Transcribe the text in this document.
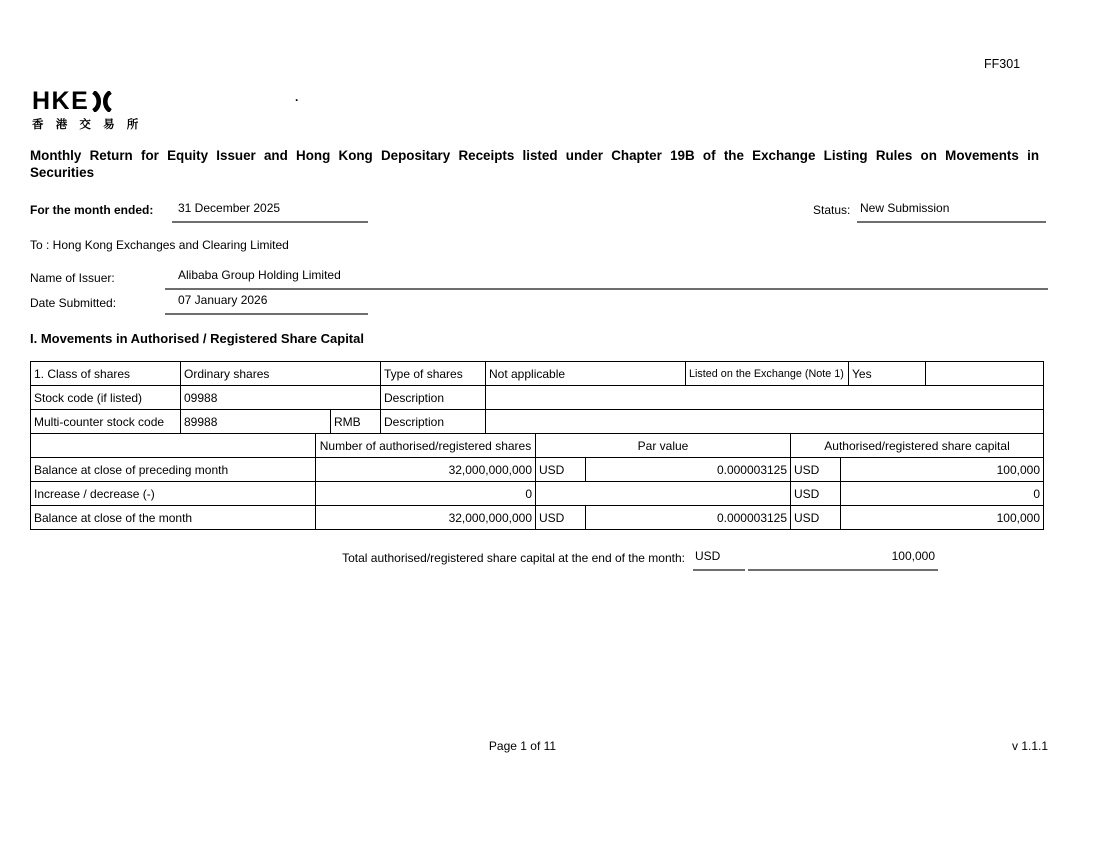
FF301
HKE
香 港 交 易 所
.
Monthly Return for Equity Issuer and Hong Kong Depositary Receipts listed under Chapter 19B of the Exchange Listing Rules on Movements in
Securities
For the month ended:	31 December 2025	Status: New Submission
To : Hong Kong Exchanges and Clearing Limited
Name of Issuer:	Alibaba Group Holding Limited
Date Submitted:	07 January 2026
I. Movements in Authorised / Registered Share Capital
1. Class of shares	Ordinary shares		Type of shares	Not applicable	Listed on the Exchange (Note 1)	Yes	
Stock code (if listed)	09988		Description				
Multi-counter stock code	89988	RMB	Description				
	Number of authorised/registered shares	Par value		Authorised/registered share capital	
Balance at close of preceding month	32,000,000,000	USD	0.000003125	USD	100,000
Increase / decrease (-)	0			USD	0
Balance at close of the month	32,000,000,000	USD	0.000003125	USD	100,000
Total authorised/registered share capital at the end of the month: USD	100,000
Page 1 of 11	v 1.1.1
